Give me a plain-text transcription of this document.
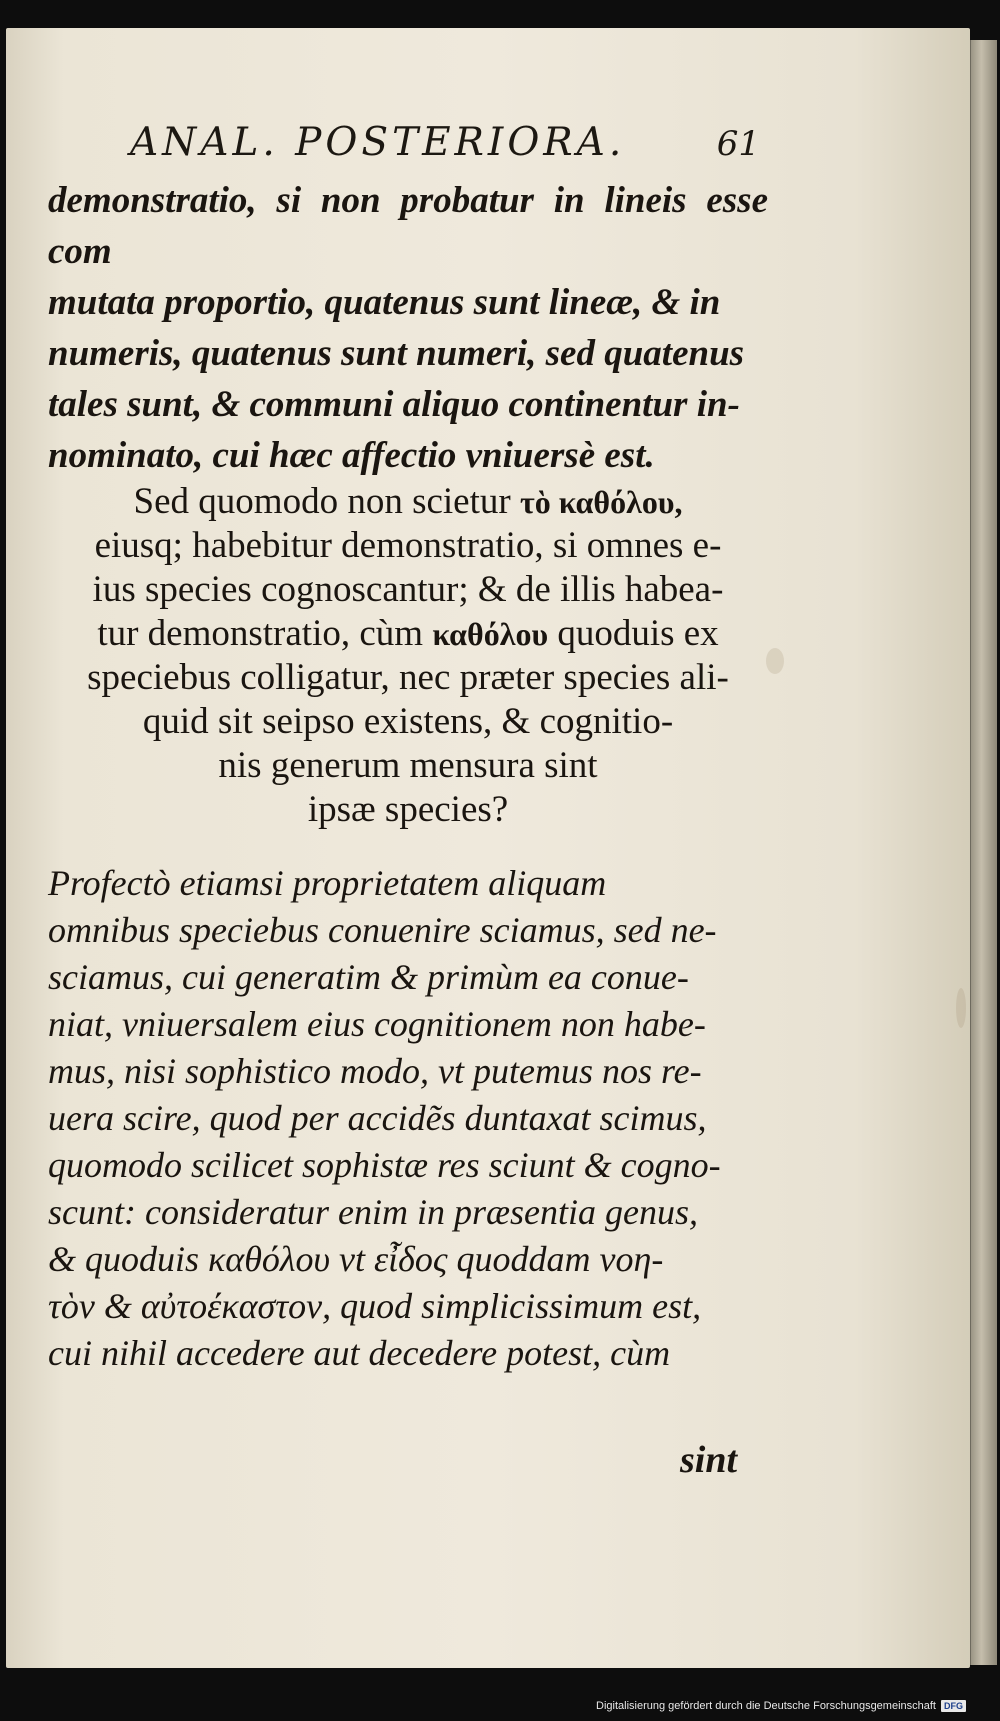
ANAL. POSTERIORA.	61
demonstratio, si non probatur in lineis esse com
mutata proportio, quatenus sunt lineæ, & in
numeris, quatenus sunt numeri, sed quatenus
tales sunt, & communi aliquo continentur in-
nominato, cui hæc affectio vniuersè est.
Sed quomodo non scietur τὸ καθόλου,
eiusq; habebitur demonstratio, si omnes e-
ius species cognoscantur; & de illis habea-
tur demonstratio, cùm καθόλου quoduis ex
speciebus colligatur, nec præter species ali-
quid sit seipso existens, & cognitio-
nis generum mensura sint
ipsæ species?
Profectò etiamsi proprietatem aliquam
omnibus speciebus conuenire sciamus, sed ne-
sciamus, cui generatim & primùm ea conue-
niat, vniuersalem eius cognitionem non habe-
mus, nisi sophistico modo, vt putemus nos re-
uera scire, quod per accidẽs duntaxat scimus,
quomodo scilicet sophistæ res sciunt & cogno-
scunt: consideratur enim in præsentia genus,
& quoduis καθόλου vt εἶδος quoddam νοη-
τὸν & αὐτοέκαστον, quod simplicissimum est,
cui nihil accedere aut decedere potest, cùm
sint
Digitalisierung gefördert durch die Deutsche Forschungsgemeinschaft DFG
